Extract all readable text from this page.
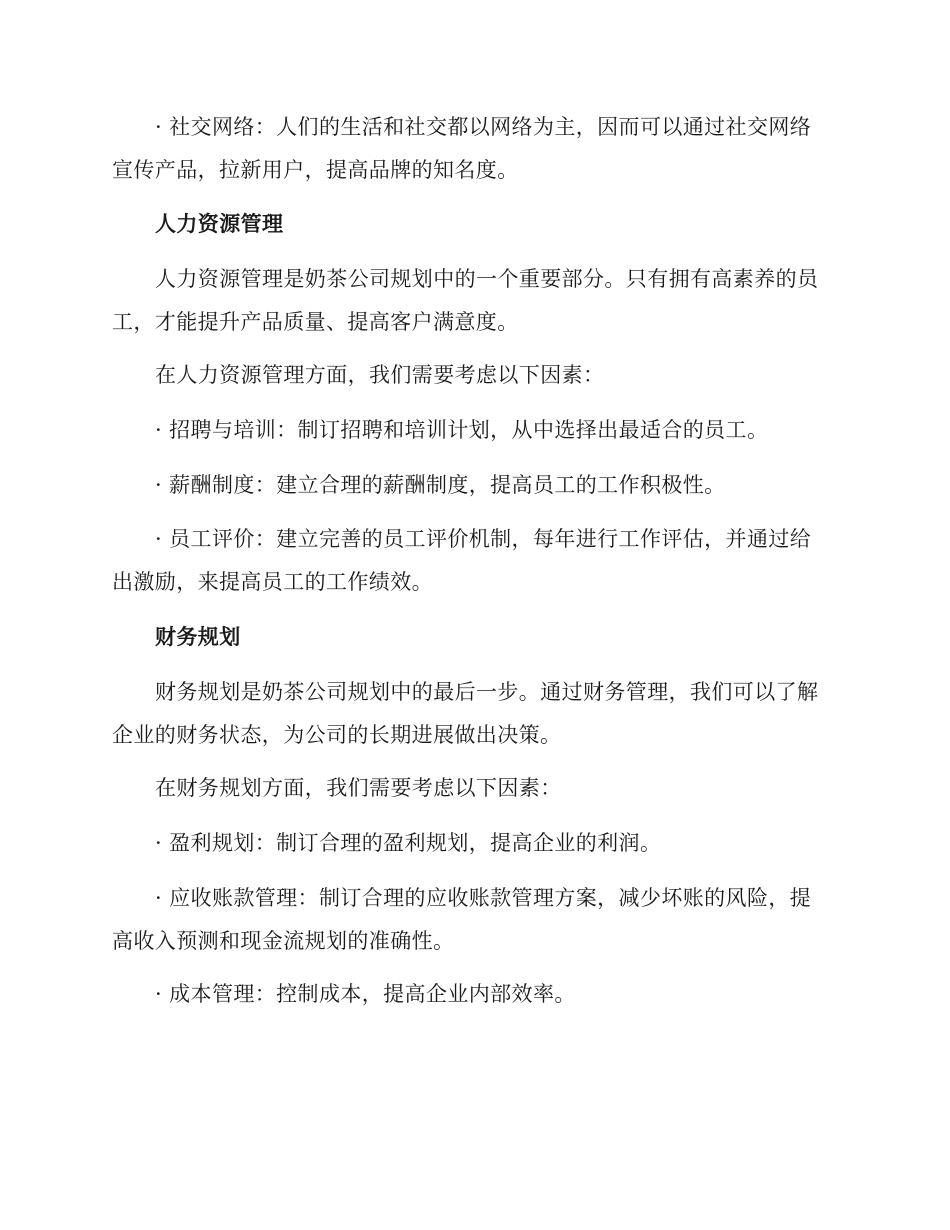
· 社交网络：人们的生活和社交都以网络为主，因而可以通过社交网络宣传产品，拉新用户，提高品牌的知名度。

人力资源管理

人力资源管理是奶茶公司规划中的一个重要部分。只有拥有高素养的员工，才能提升产品质量、提高客户满意度。

在人力资源管理方面，我们需要考虑以下因素：

· 招聘与培训：制订招聘和培训计划，从中选择出最适合的员工。

· 薪酬制度：建立合理的薪酬制度，提高员工的工作积极性。

· 员工评价：建立完善的员工评价机制，每年进行工作评估，并通过给出激励，来提高员工的工作绩效。

财务规划

财务规划是奶茶公司规划中的最后一步。通过财务管理，我们可以了解企业的财务状态，为公司的长期进展做出决策。

在财务规划方面，我们需要考虑以下因素：

· 盈利规划：制订合理的盈利规划，提高企业的利润。

· 应收账款管理：制订合理的应收账款管理方案，减少坏账的风险，提高收入预测和现金流规划的准确性。

· 成本管理：控制成本，提高企业内部效率。
